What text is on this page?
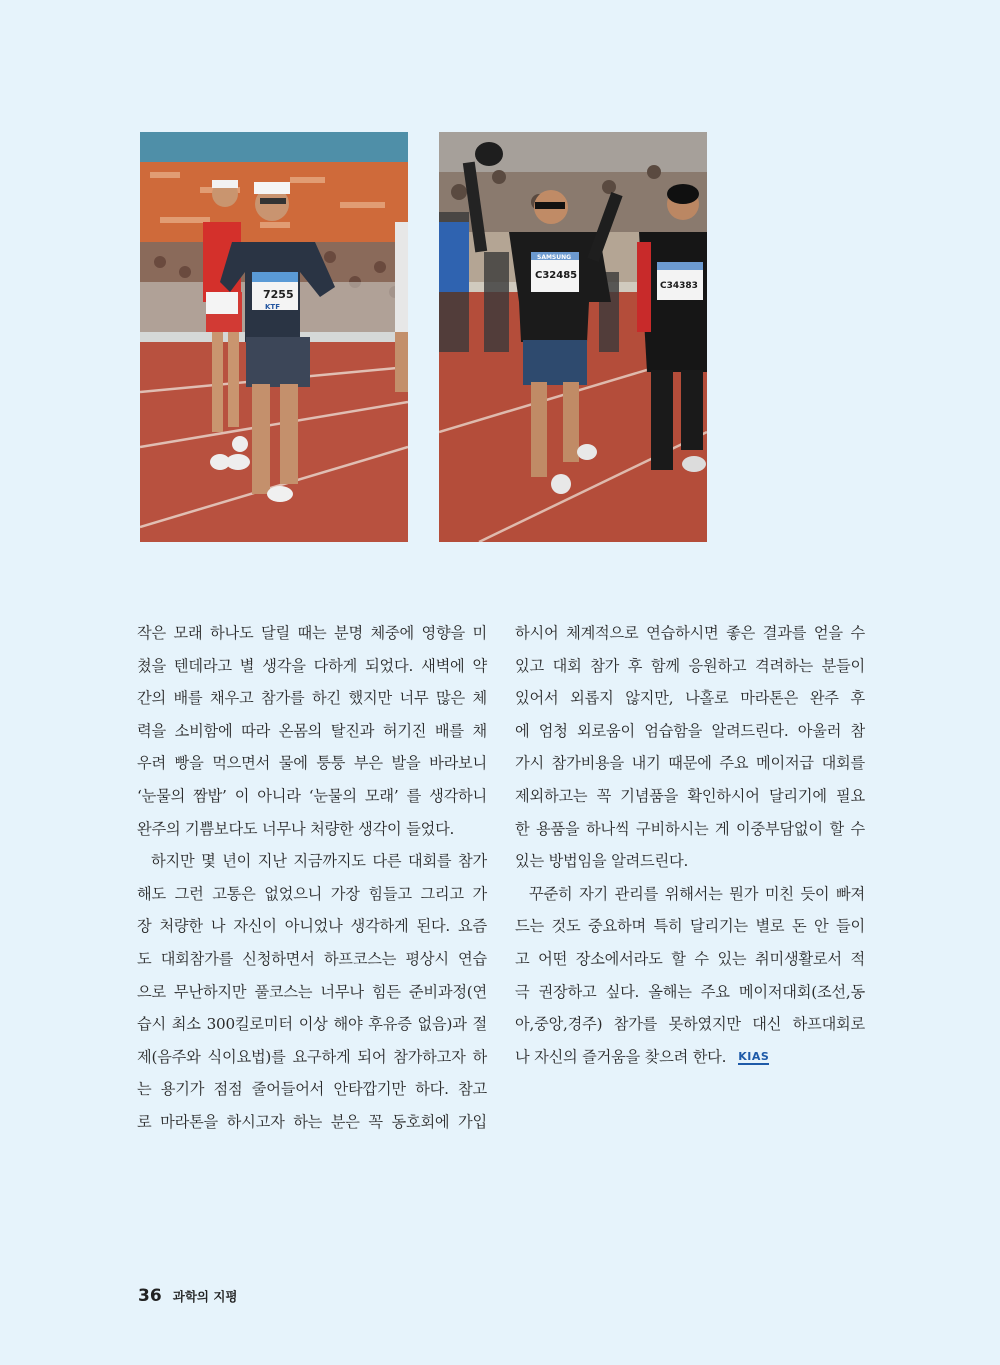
7255
KTF
C32485
SAMSUNG
C34383
작은 모래 하나도 달릴 때는 분명 체중에 영향을 미
쳤을 텐데라고 별 생각을 다하게 되었다. 새벽에 약
간의 배를 채우고 참가를 하긴 했지만 너무 많은 체
력을 소비함에 따라 온몸의 탈진과 허기진 배를 채
우려 빵을 먹으면서 물에 퉁퉁 부은 발을 바라보니
‘눈물의 짬밥’ 이 아니라 ‘눈물의 모래’ 를 생각하니
완주의 기쁨보다도 너무나 처량한 생각이 들었다.
하지만 몇 년이 지난 지금까지도 다른 대회를 참가
해도 그런 고통은 없었으니 가장 힘들고 그리고 가
장 처량한 나 자신이 아니었나 생각하게 된다. 요즘
도 대회참가를 신청하면서 하프코스는 평상시 연습
으로 무난하지만 풀코스는 너무나 힘든 준비과정(연
습시 최소 300킬로미터 이상 해야 후유증 없음)과 절
제(음주와 식이요법)를 요구하게 되어 참가하고자 하
는 용기가 점점 줄어들어서 안타깝기만 하다. 참고
로 마라톤을 하시고자 하는 분은 꼭 동호회에 가입
하시어 체계적으로 연습하시면 좋은 결과를 얻을 수
있고 대회 참가 후 함께 응원하고 격려하는 분들이
있어서 외롭지 않지만, 나홀로 마라톤은 완주 후
에 엄청 외로움이 엄습함을 알려드린다. 아울러 참
가시 참가비용을 내기 때문에 주요 메이저급 대회를
제외하고는 꼭 기념품을 확인하시어 달리기에 필요
한 용품을 하나씩 구비하시는 게 이중부담없이 할 수
있는 방법임을 알려드린다.
꾸준히 자기 관리를 위해서는 뭔가 미친 듯이 빠져
드는 것도 중요하며 특히 달리기는 별로 돈 안 들이
고 어떤 장소에서라도 할 수 있는 취미생활로서 적
극 권장하고 싶다. 올해는 주요 메이저대회(조선,동
아,중앙,경주) 참가를 못하였지만 대신 하프대회로
나 자신의 즐거움을 찾으려 한다. KIAS
36 과학의 지평
